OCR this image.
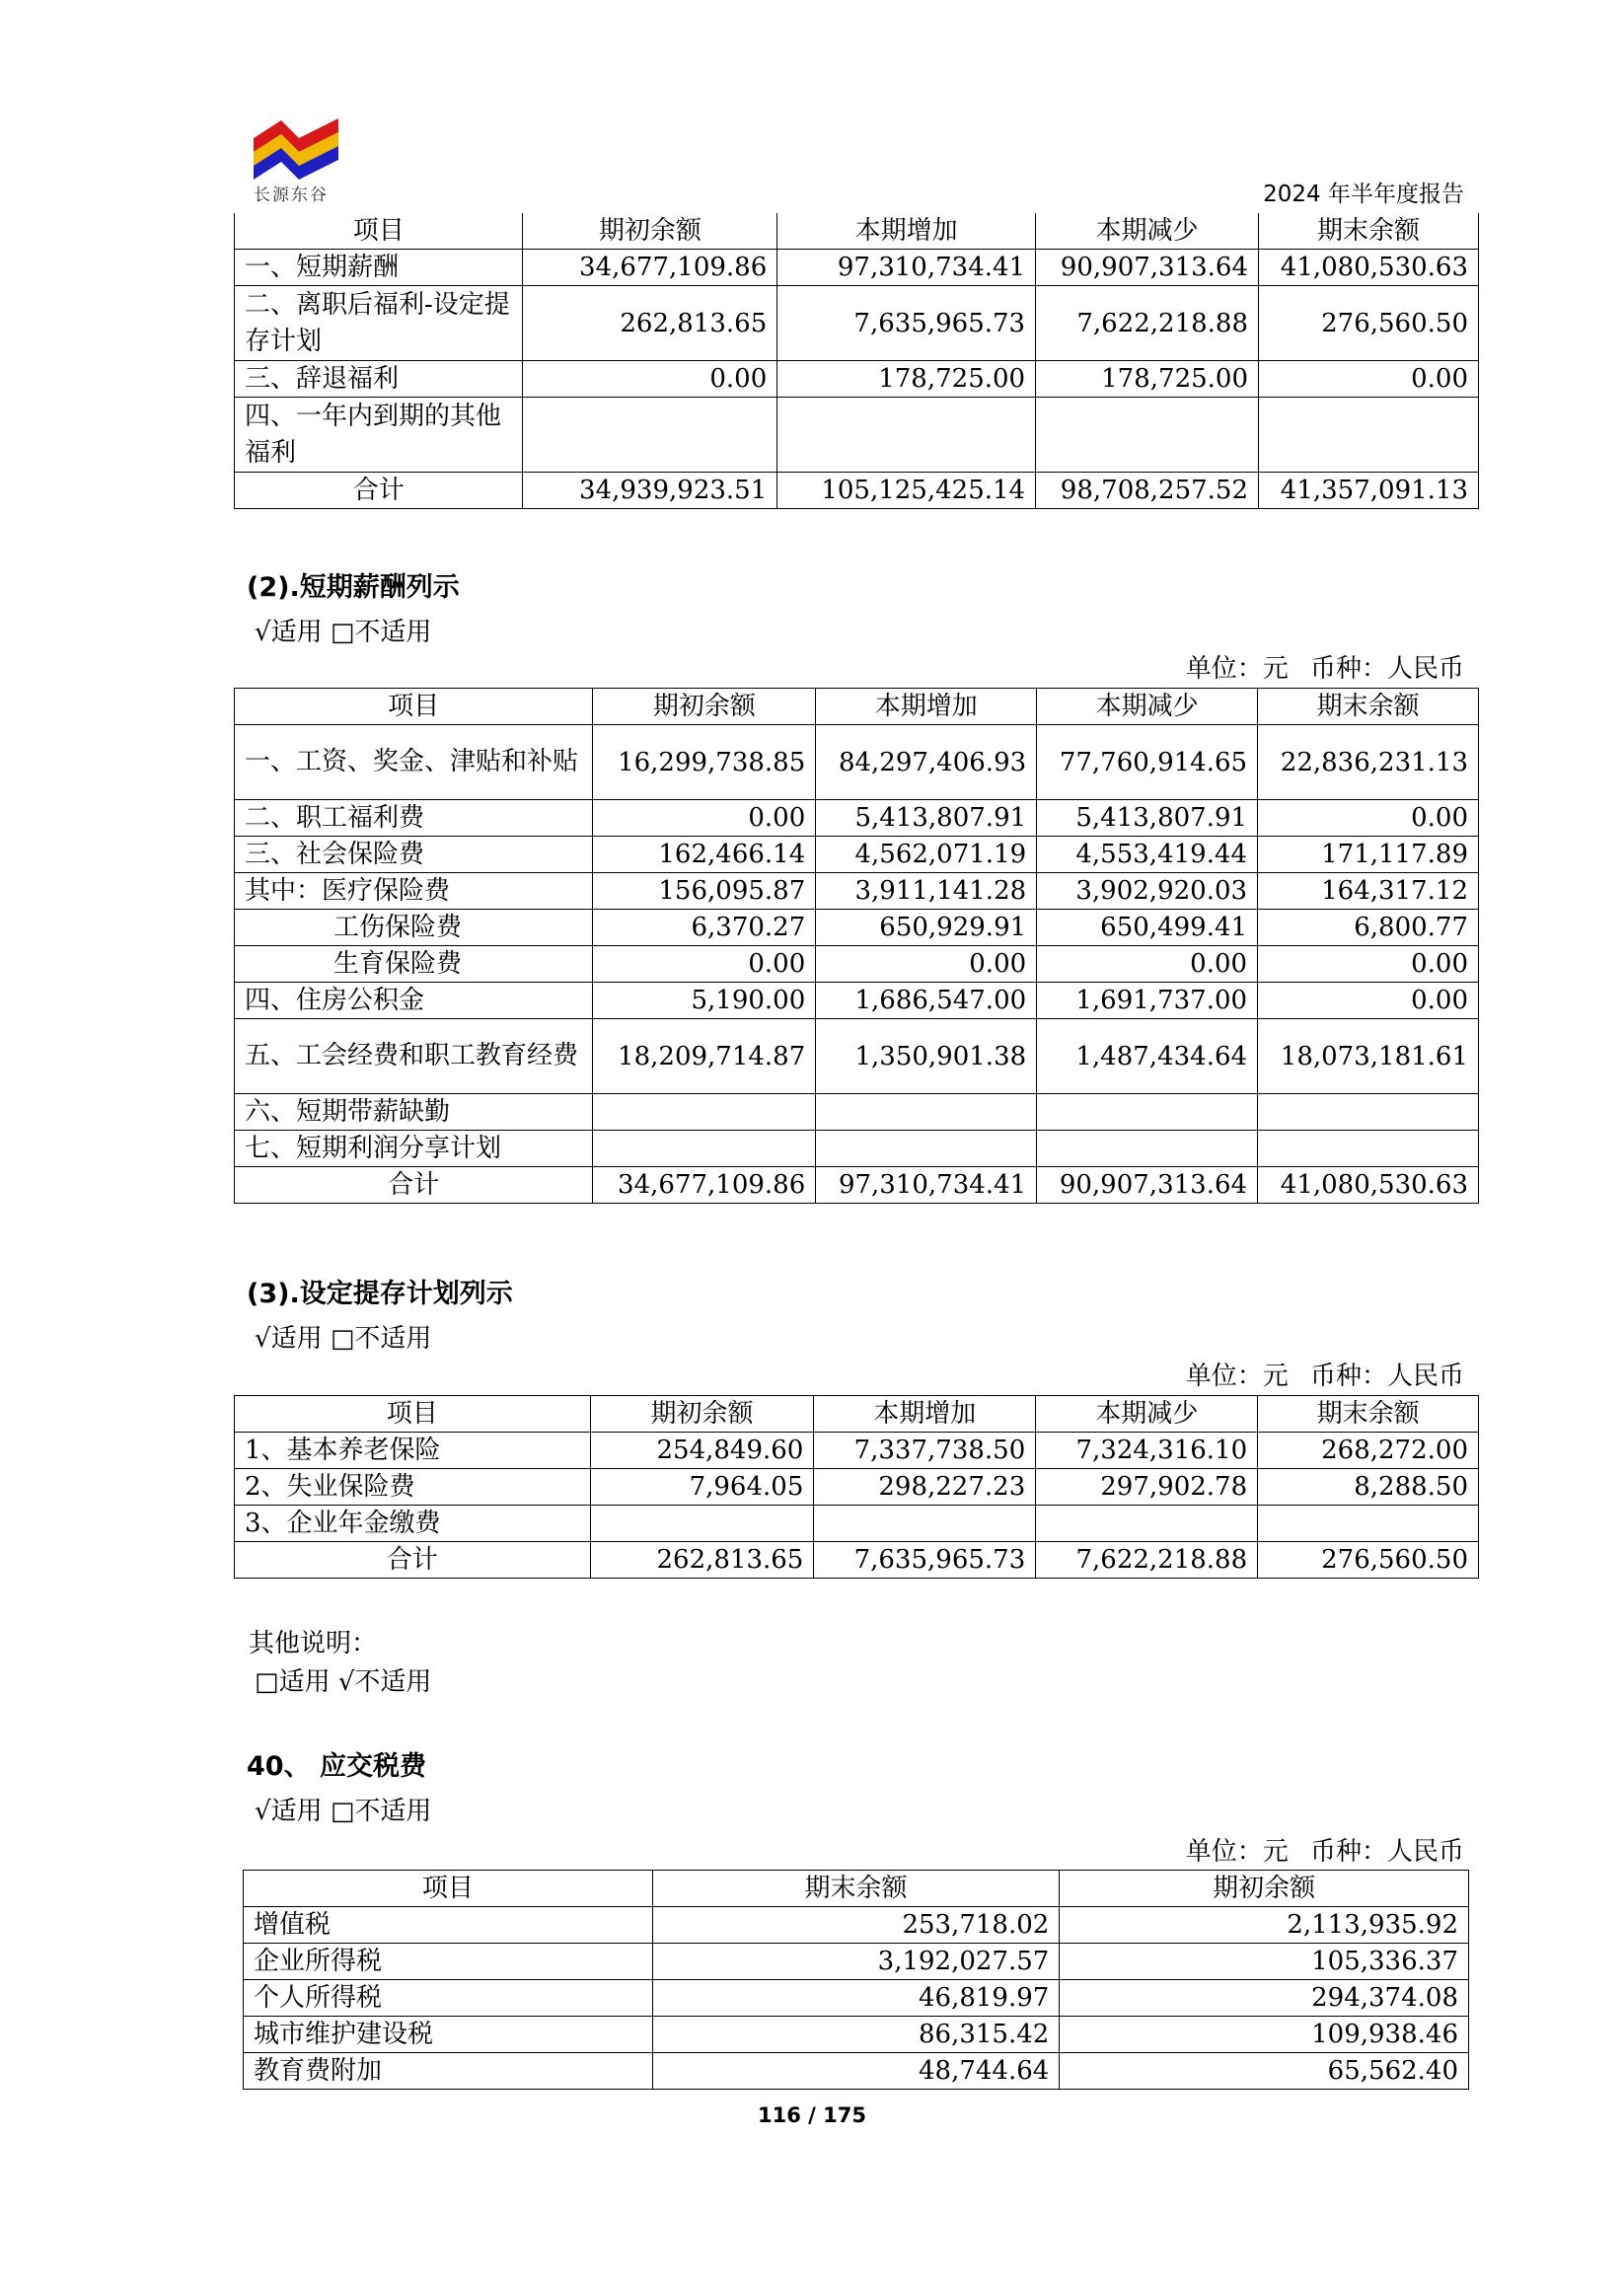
长源东谷	2024 年半年度报告
项目	期初余额	本期增加	本期减少	期末余额
一、短期薪酬	34,677,109.86	97,310,734.41	90,907,313.64	41,080,530.63
二、离职后福利-设定提存计划	262,813.65	7,635,965.73	7,622,218.88	276,560.50
三、辞退福利	0.00	178,725.00	178,725.00	0.00
四、一年内到期的其他福利				
合计	34,939,923.51	105,125,425.14	98,708,257.52	41,357,091.13
(2).短期薪酬列示
√适用 □不适用
单位：元 币种：人民币
项目	期初余额	本期增加	本期减少	期末余额
一、工资、奖金、津贴和补贴	16,299,738.85	84,297,406.93	77,760,914.65	22,836,231.13
二、职工福利费	0.00	5,413,807.91	5,413,807.91	0.00
三、社会保险费	162,466.14	4,562,071.19	4,553,419.44	171,117.89
其中：医疗保险费	156,095.87	3,911,141.28	3,902,920.03	164,317.12
工伤保险费	6,370.27	650,929.91	650,499.41	6,800.77
生育保险费	0.00	0.00	0.00	0.00
四、住房公积金	5,190.00	1,686,547.00	1,691,737.00	0.00
五、工会经费和职工教育经费	18,209,714.87	1,350,901.38	1,487,434.64	18,073,181.61
六、短期带薪缺勤				
七、短期利润分享计划				
合计	34,677,109.86	97,310,734.41	90,907,313.64	41,080,530.63
(3).设定提存计划列示
√适用 □不适用
单位：元 币种：人民币
项目	期初余额	本期增加	本期减少	期末余额
1、基本养老保险	254,849.60	7,337,738.50	7,324,316.10	268,272.00
2、失业保险费	7,964.05	298,227.23	297,902.78	8,288.50
3、企业年金缴费				
合计	262,813.65	7,635,965.73	7,622,218.88	276,560.50
其他说明：
□适用 √不适用
40、 应交税费
√适用 □不适用
单位：元 币种：人民币
项目	期末余额	期初余额
增值税	253,718.02	2,113,935.92
企业所得税	3,192,027.57	105,336.37
个人所得税	46,819.97	294,374.08
城市维护建设税	86,315.42	109,938.46
教育费附加	48,744.64	65,562.40
116 / 175
